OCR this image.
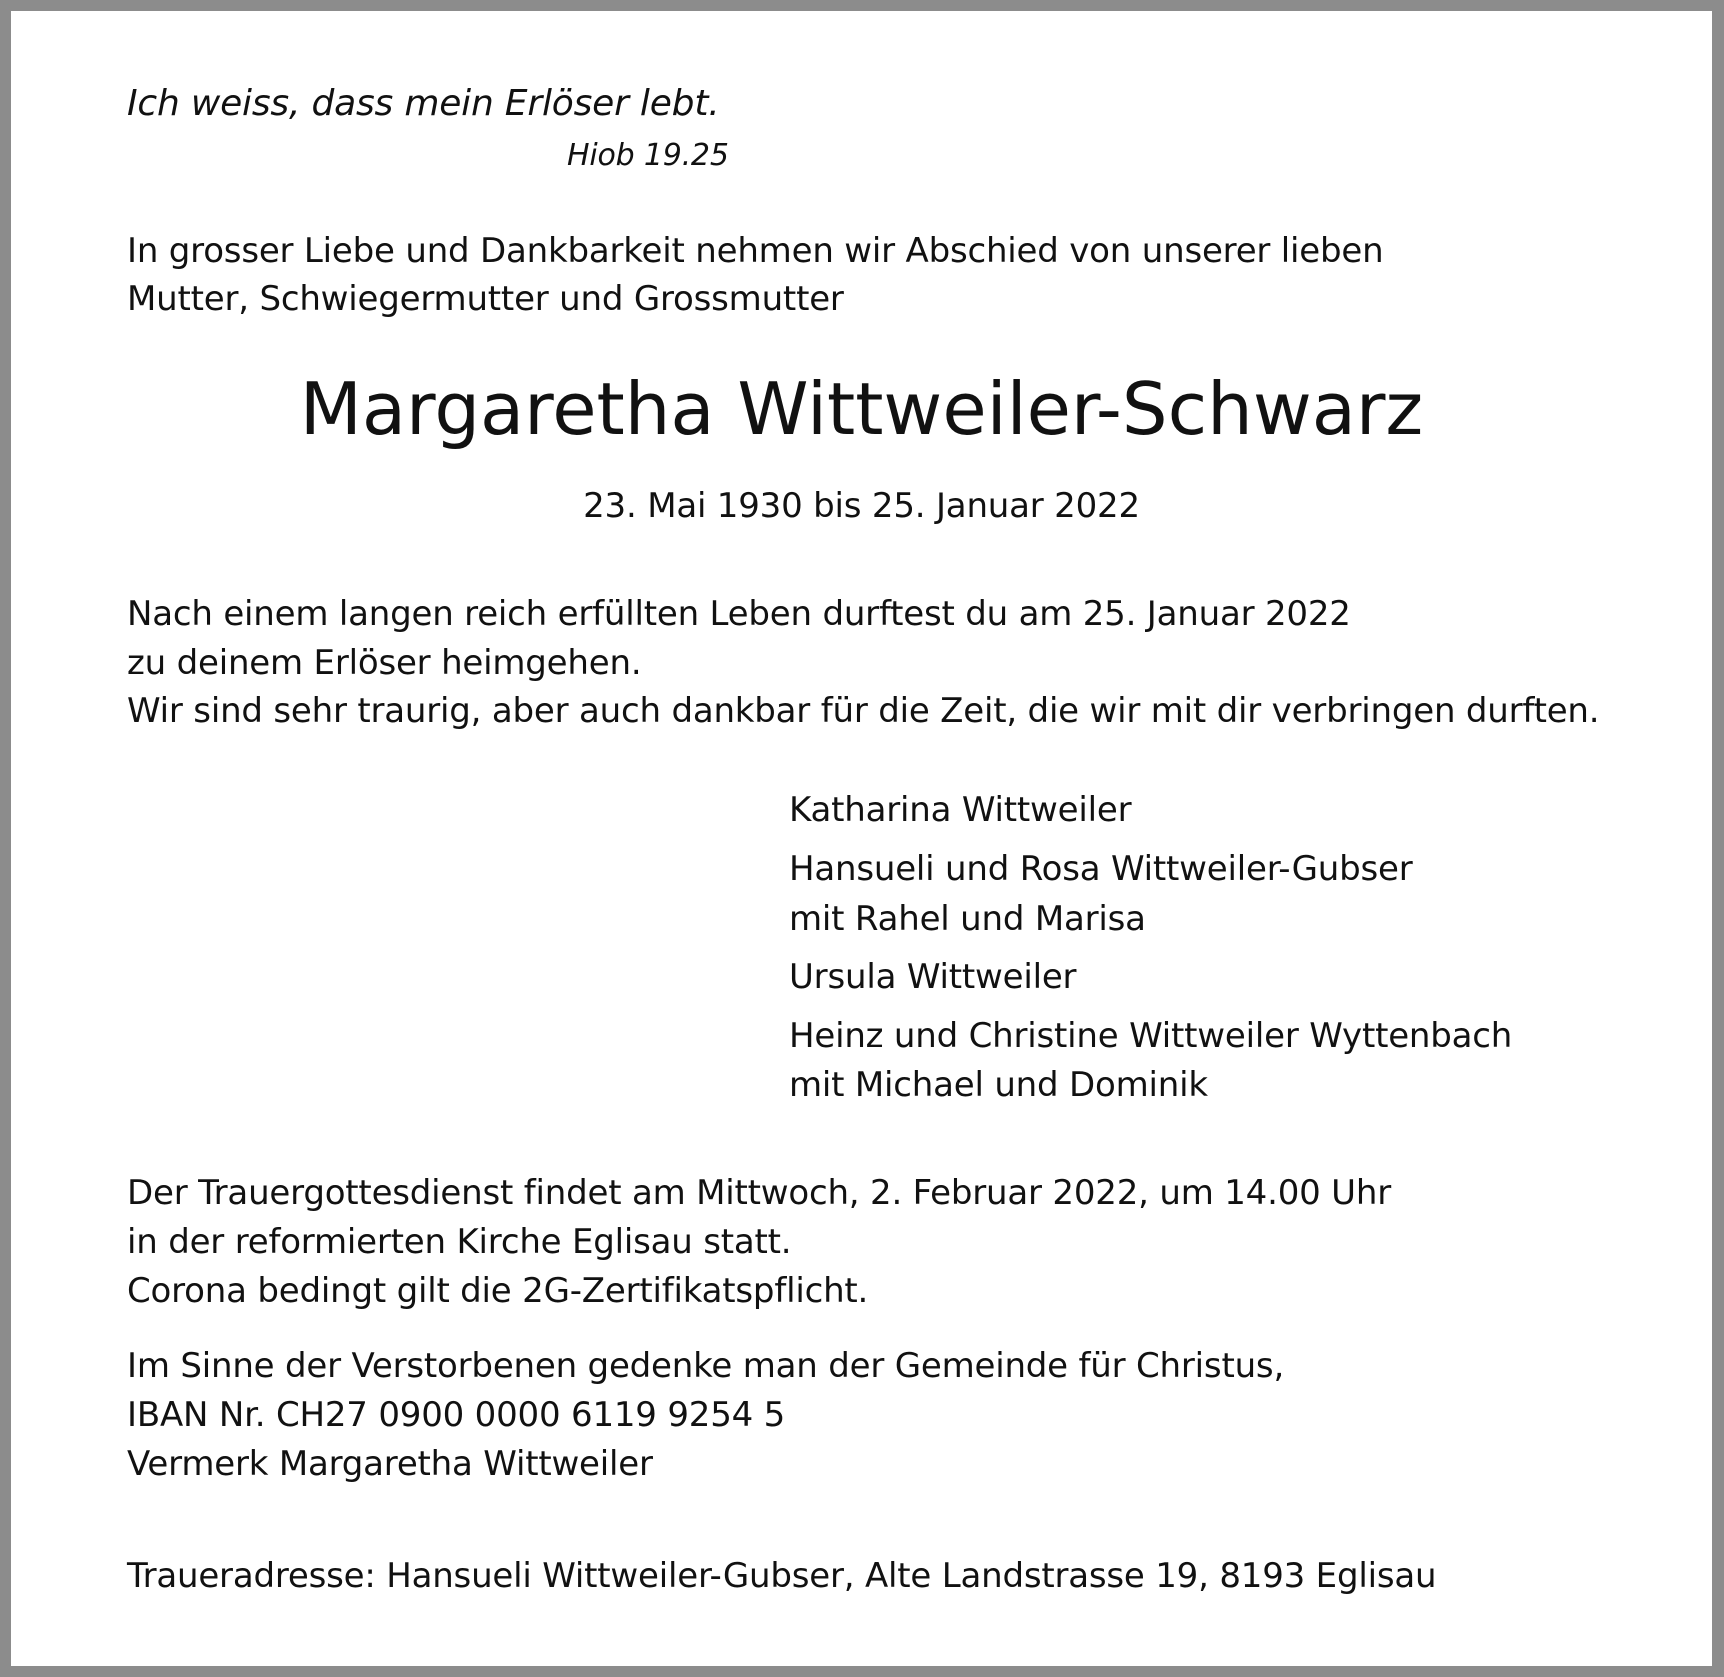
Ich weiss, dass mein Erlöser lebt.
Hiob 19.25
In grosser Liebe und Dankbarkeit nehmen wir Abschied von unserer lieben
Mutter, Schwiegermutter und Grossmutter
Margaretha Wittweiler-Schwarz
23. Mai 1930 bis 25. Januar 2022
Nach einem langen reich erfüllten Leben durftest du am 25. Januar 2022
zu deinem Erlöser heimgehen.
Wir sind sehr traurig, aber auch dankbar für die Zeit, die wir mit dir verbringen durften.
Katharina Wittweiler
Hansueli und Rosa Wittweiler-Gubser
mit Rahel und Marisa
Ursula Wittweiler
Heinz und Christine Wittweiler Wyttenbach
mit Michael und Dominik
Der Trauergottesdienst findet am Mittwoch, 2. Februar 2022, um 14.00 Uhr
in der reformierten Kirche Eglisau statt.
Corona bedingt gilt die 2G-Zertifikatspflicht.
Im Sinne der Verstorbenen gedenke man der Gemeinde für Christus,
IBAN Nr. CH27 0900 0000 6119 9254 5
Vermerk Margaretha Wittweiler
Traueradresse: Hansueli Wittweiler-Gubser, Alte Landstrasse 19, 8193 Eglisau
